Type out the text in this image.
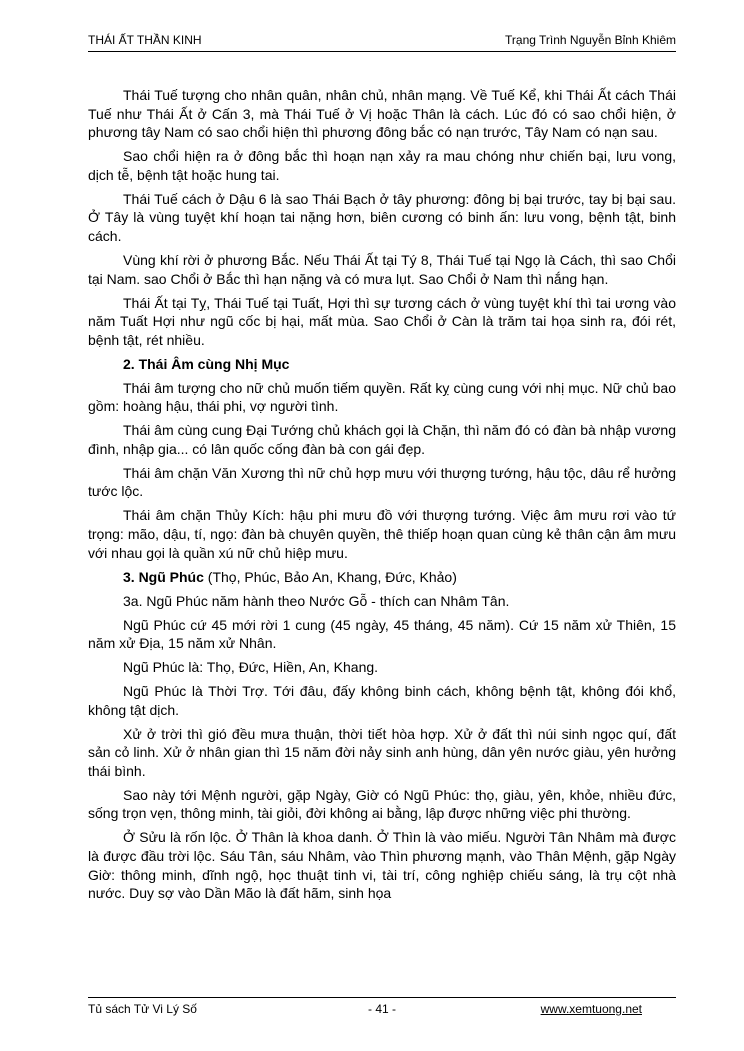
THÁI ẤT THẦN KINH	Trạng Trình Nguyễn Bỉnh Khiêm

Thái Tuế tượng cho nhân quân, nhân chủ, nhân mạng. Về Tuế Kể, khi Thái Ất cách Thái Tuế như Thái Ất ở Cấn 3, mà Thái Tuế ở Vị hoặc Thân là cách. Lúc đó có sao chổi hiện, ở phương tây Nam có sao chổi hiện thì phương đông bắc có nạn trước, Tây Nam có nạn sau.

Sao chổi hiện ra ở đông bắc thì hoạn nạn xảy ra mau chóng như chiến bại, lưu vong, dịch tễ, bệnh tật hoặc hung tai.

Thái Tuế cách ở Dậu 6 là sao Thái Bạch ở tây phương: đông bị bại trước, tay bị bại sau. Ở Tây là vùng tuyệt khí hoạn tai nặng hơn, biên cương có binh ấn: lưu vong, bệnh tật, binh cách.

Vùng khí rời ở phương Bắc. Nếu Thái Ất tại Tý 8, Thái Tuế tại Ngọ là Cách, thì sao Chổi tại Nam. sao Chổi ở Bắc thì hạn nặng và có mưa lụt. Sao Chổi ở Nam thì nắng hạn.

Thái Ất tại Tỵ, Thái Tuế tại Tuất, Hợi thì sự tương cách ở vùng tuyệt khí thì tai ương vào năm Tuất Hợi như ngũ cốc bị hại, mất mùa. Sao Chổi ở Càn là trăm tai họa sinh ra, đói rét, bệnh tật, rét nhiều.

2. Thái Âm cùng Nhị Mục

Thái âm tượng cho nữ chủ muốn tiếm quyền. Rất kỵ cùng cung với nhị mục. Nữ chủ bao gồm: hoàng hậu, thái phi, vợ người tình.

Thái âm cùng cung Đại Tướng chủ khách gọi là Chặn, thì năm đó có đàn bà nhập vương đình, nhập gia... có lân quốc cống đàn bà con gái đẹp.

Thái âm chặn Văn Xương thì nữ chủ hợp mưu với thượng tướng, hậu tộc, dâu rể hưởng tước lộc.

Thái âm chặn Thủy Kích: hậu phi mưu đồ với thượng tướng. Việc âm mưu rơi vào tứ trọng: mão, dậu, tí, ngọ: đàn bà chuyên quyền, thê thiếp hoạn quan cùng kẻ thân cận âm mưu với nhau gọi là quần xú nữ chủ hiệp mưu.

3. Ngũ Phúc (Thọ, Phúc, Bảo An, Khang, Đức, Khảo)

3a. Ngũ Phúc năm hành theo Nước Gỗ - thích can Nhâm Tân.

Ngũ Phúc cứ 45 mới rời 1 cung (45 ngày, 45 tháng, 45 năm). Cứ 15 năm xử Thiên, 15 năm xử Địa, 15 năm xử Nhân.

Ngũ Phúc là: Thọ, Đức, Hiền, An, Khang.

Ngũ Phúc là Thời Trợ. Tới đâu, đấy không binh cách, không bệnh tật, không đói khổ, không tật dịch.

Xử ở trời thì gió đều mưa thuận, thời tiết hòa hợp. Xử ở đất thì núi sinh ngọc quí, đất sản cỏ linh. Xử ở nhân gian thì 15 năm đời nảy sinh anh hùng, dân yên nước giàu, yên hưởng thái bình.

Sao này tới Mệnh người, gặp Ngày, Giờ có Ngũ Phúc: thọ, giàu, yên, khỏe, nhiều đức, sống trọn vẹn, thông minh, tài giỏi, đời không ai bằng, lập được những việc phi thường.

Ở Sửu là rốn lộc. Ở Thân là khoa danh. Ở Thìn là vào miếu. Người Tân Nhâm mà được là được đầu trời lộc. Sáu Tân, sáu Nhâm, vào Thìn phương mạnh, vào Thân Mệnh, gặp Ngày Giờ: thông minh, dĩnh ngộ, học thuật tinh vi, tài trí, công nghiệp chiếu sáng, là trụ cột nhà nước. Duy sợ vào Dần Mão là đất hãm, sinh họa

Tủ sách Tử Vi Lý Số	- 41 -	www.xemtuong.net
